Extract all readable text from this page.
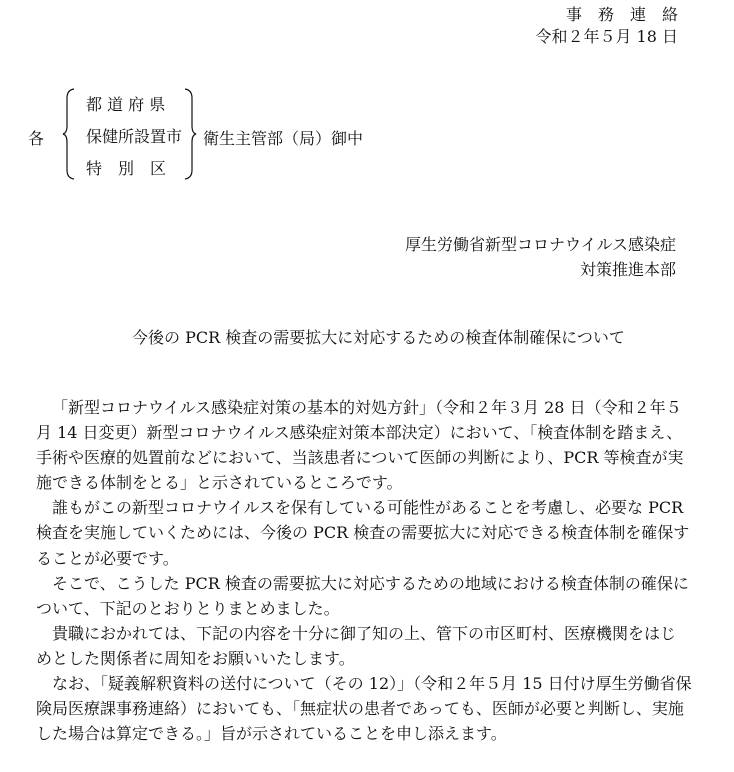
事　務　連　絡
令和２年５月 18 日
各
都 道 府 県
保健所設置市
特　別　区
衛生主管部（局）御中
厚生労働省新型コロナウイルス感染症
対策推進本部
今後の PCR 検査の需要拡大に対応するための検査体制確保について
「新型コロナウイルス感染症対策の基本的対処方針」（令和２年３月 28 日（令和２年５
月 14 日変更）新型コロナウイルス感染症対策本部決定）において、「検査体制を踏まえ、
手術や医療的処置前などにおいて、当該患者について医師の判断により、PCR 等検査が実
施できる体制をとる」と示されているところです。
誰もがこの新型コロナウイルスを保有している可能性があることを考慮し、必要な PCR
検査を実施していくためには、今後の PCR 検査の需要拡大に対応できる検査体制を確保す
ることが必要です。
そこで、こうした PCR 検査の需要拡大に対応するための地域における検査体制の確保に
ついて、下記のとおりとりまとめました。
貴職におかれては、下記の内容を十分に御了知の上、管下の市区町村、医療機関をはじ
めとした関係者に周知をお願いいたします。
なお、「疑義解釈資料の送付について（その 12）」（令和２年５月 15 日付け厚生労働省保
険局医療課事務連絡）においても、「無症状の患者であっても、医師が必要と判断し、実施
した場合は算定できる。」旨が示されていることを申し添えます。
